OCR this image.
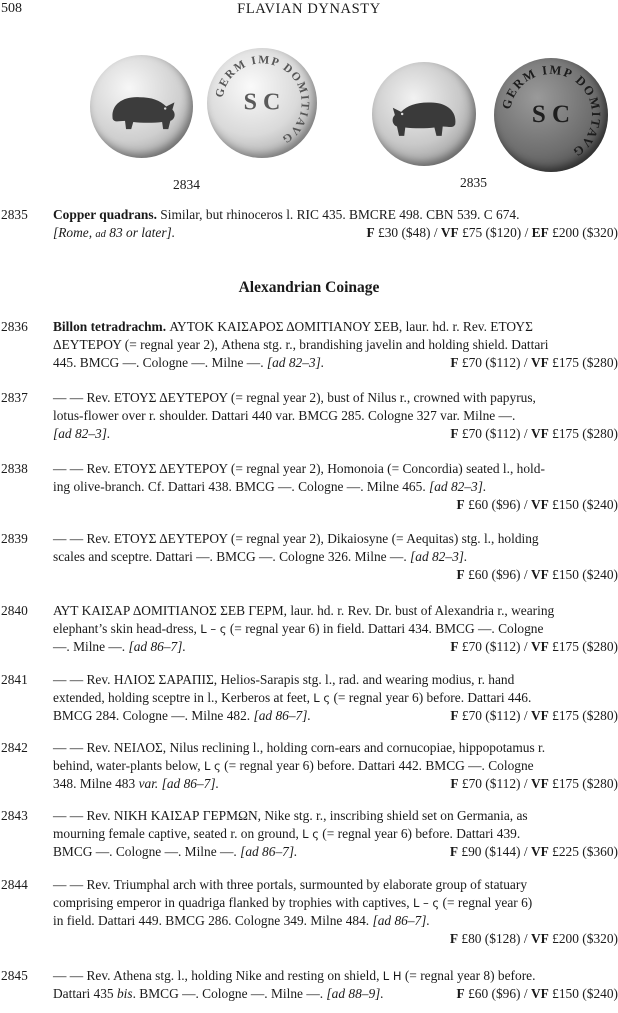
508	FLAVIAN DYNASTY
GERM IMP DOMITIAVG
S C
2834
GERM IMP DOMITAVG
S C
2835
2835 Copper quadrans. Similar, but rhinoceros l. RIC 435. BMCRE 498. CBN 539. C 674.
[Rome, ad 83 or later].	F £30 ($48) / VF £75 ($120) / EF £200 ($320)
Alexandrian Coinage
2836 Billon tetradrachm. ΑΥΤΟΚ ΚΑΙΣΑΡΟΣ ΔΟΜΙΤΙΑΝΟΥ ΣΕΒ, laur. hd. r. Rev. ΕΤΟΥΣ
ΔΕΥΤΕΡΟΥ (= regnal year 2), Athena stg. r., brandishing javelin and holding shield. Dattari
445. BMCG —. Cologne —. Milne —. [ad 82–3].	F £70 ($112) / VF £175 ($280)
2837 — — Rev. ΕΤΟΥΣ ΔΕΥΤΕΡΟΥ (= regnal year 2), bust of Nilus r., crowned with papyrus,
lotus-flower over r. shoulder. Dattari 440 var. BMCG 285. Cologne 327 var. Milne —.
[ad 82–3].	F £70 ($112) / VF £175 ($280)
2838 — — Rev. ΕΤΟΥΣ ΔΕΥΤΕΡΟΥ (= regnal year 2), Homonoia (= Concordia) seated l., hold-
ing olive-branch. Cf. Dattari 438. BMCG —. Cologne —. Milne 465. [ad 82–3].
F £60 ($96) / VF £150 ($240)
2839 — — Rev. ΕΤΟΥΣ ΔΕΥΤΕΡΟΥ (= regnal year 2), Dikaiosyne (= Aequitas) stg. l., holding
scales and sceptre. Dattari —. BMCG —. Cologne 326. Milne —. [ad 82–3].
F £60 ($96) / VF £150 ($240)
2840 ΑΥΤ ΚΑΙΣΑΡ ΔΟΜΙΤΙΑΝΟΣ ΣΕΒ ΓΕΡΜ, laur. hd. r. Rev. Dr. bust of Alexandria r., wearing
elephant’s skin head-dress, L – ς (= regnal year 6) in field. Dattari 434. BMCG —. Cologne
—. Milne —. [ad 86–7].	F £70 ($112) / VF £175 ($280)
2841 — — Rev. ΗΛΙΟΣ ΣΑΡΑΠΙΣ, Helios-Sarapis stg. l., rad. and wearing modius, r. hand
extended, holding sceptre in l., Kerberos at feet, L ς (= regnal year 6) before. Dattari 446.
BMCG 284. Cologne —. Milne 482. [ad 86–7].	F £70 ($112) / VF £175 ($280)
2842 — — Rev. ΝΕΙΛΟΣ, Nilus reclining l., holding corn-ears and cornucopiae, hippopotamus r.
behind, water-plants below, L ς (= regnal year 6) before. Dattari 442. BMCG —. Cologne
348. Milne 483 var. [ad 86–7].	F £70 ($112) / VF £175 ($280)
2843 — — Rev. ΝΙΚΗ ΚΑΙΣΑΡ ΓΕΡΜΩΝ, Nike stg. r., inscribing shield set on Germania, as
mourning female captive, seated r. on ground, L ς (= regnal year 6) before. Dattari 439.
BMCG —. Cologne —. Milne —. [ad 86–7].	F £90 ($144) / VF £225 ($360)
2844 — — Rev. Triumphal arch with three portals, surmounted by elaborate group of statuary
comprising emperor in quadriga flanked by trophies with captives, L – ς (= regnal year 6)
in field. Dattari 449. BMCG 286. Cologne 349. Milne 484. [ad 86–7].
F £80 ($128) / VF £200 ($320)
2845 — — Rev. Athena stg. l., holding Nike and resting on shield, L Η (= regnal year 8) before.
Dattari 435 bis. BMCG —. Cologne —. Milne —. [ad 88–9].	F £60 ($96) / VF £150 ($240)
